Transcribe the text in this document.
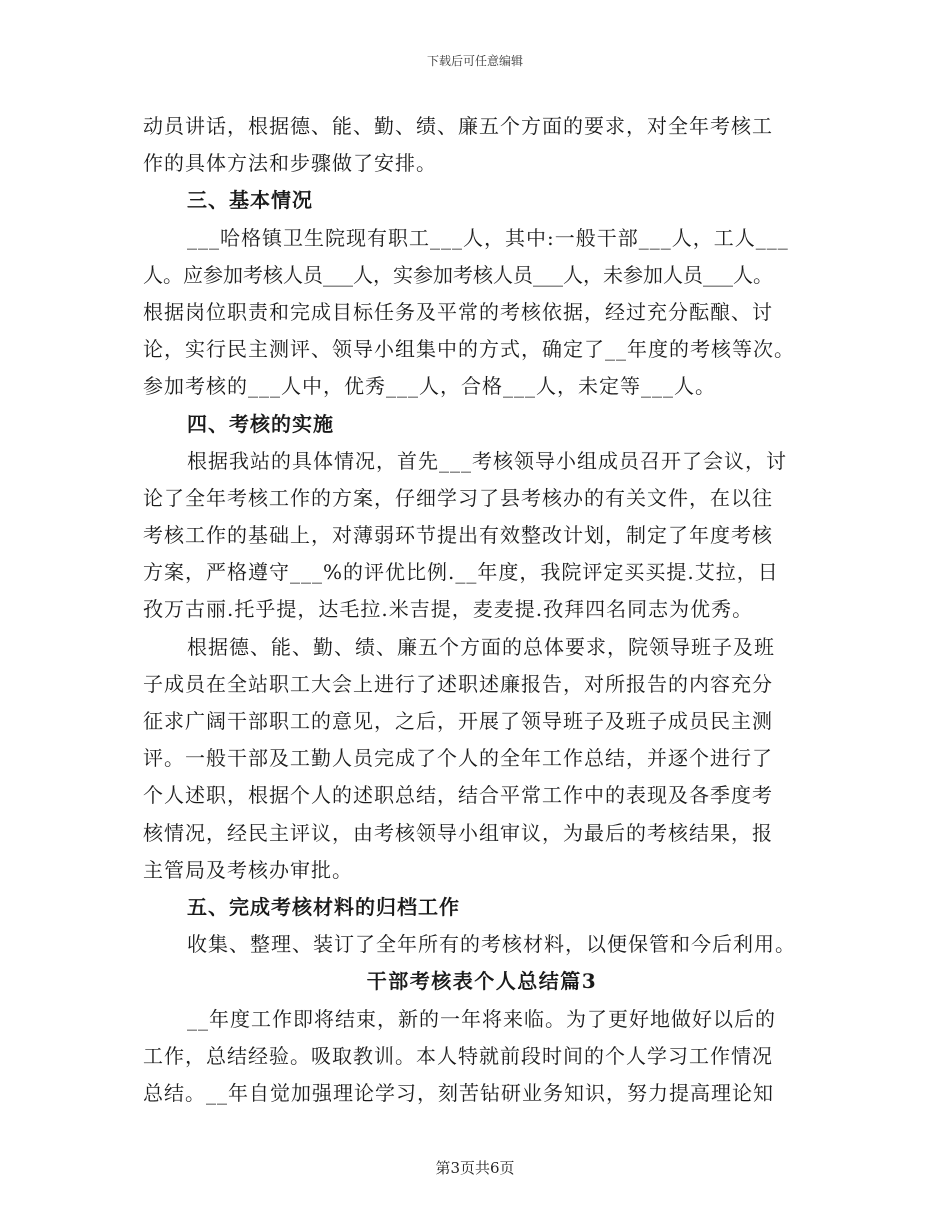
下载后可任意编辑
动员讲话，根据德、能、勤、绩、廉五个方面的要求，对全年考核工
作的具体方法和步骤做了安排。
三、基本情况
___哈格镇卫生院现有职工___人，其中:一般干部___人，工人___
人。应参加考核人员___人，实参加考核人员___人，未参加人员___人。
根据岗位职责和完成目标任务及平常的考核依据，经过充分酝酿、讨
论，实行民主测评、领导小组集中的方式，确定了__年度的考核等次。
参加考核的___人中，优秀___人，合格___人，未定等___人。
四、考核的实施
根据我站的具体情况，首先___考核领导小组成员召开了会议，讨
论了全年考核工作的方案，仔细学习了县考核办的有关文件，在以往
考核工作的基础上，对薄弱环节提出有效整改计划，制定了年度考核
方案，严格遵守___%的评优比例.__年度，我院评定买买提.艾拉，日
孜万古丽.托乎提，达毛拉.米吉提，麦麦提.孜拜四名同志为优秀。
根据德、能、勤、绩、廉五个方面的总体要求，院领导班子及班
子成员在全站职工大会上进行了述职述廉报告，对所报告的内容充分
征求广阔干部职工的意见，之后，开展了领导班子及班子成员民主测
评。一般干部及工勤人员完成了个人的全年工作总结，并逐个进行了
个人述职，根据个人的述职总结，结合平常工作中的表现及各季度考
核情况，经民主评议，由考核领导小组审议，为最后的考核结果，报
主管局及考核办审批。
五、完成考核材料的归档工作
收集、整理、装订了全年所有的考核材料，以便保管和今后利用。
干部考核表个人总结篇3
__年度工作即将结束，新的一年将来临。为了更好地做好以后的
工作，总结经验。吸取教训。本人特就前段时间的个人学习工作情况
总结。__年自觉加强理论学习，刻苦钻研业务知识，努力提高理论知
第3页共6页
